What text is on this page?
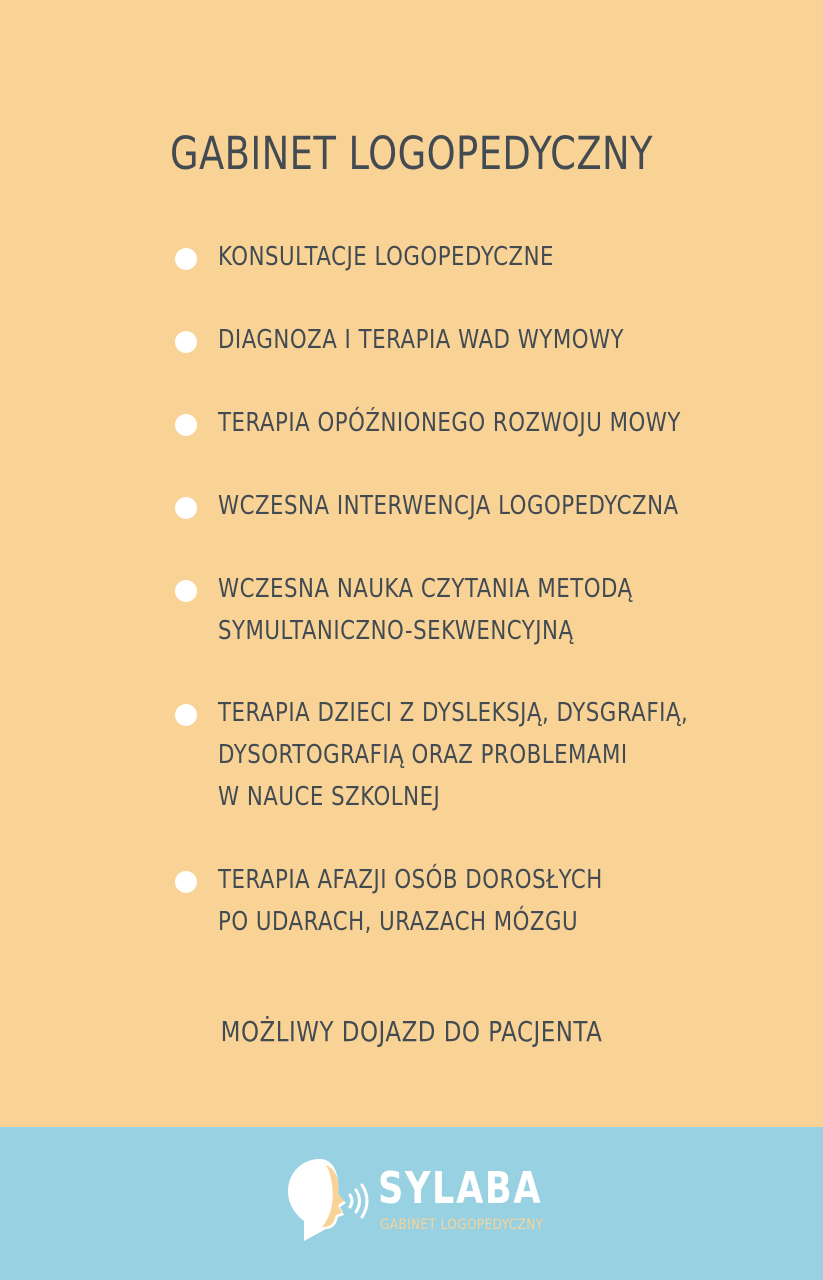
GABINET LOGOPEDYCZNY
KONSULTACJE LOGOPEDYCZNE
DIAGNOZA I TERAPIA WAD WYMOWY
TERAPIA OPÓŹNIONEGO ROZWOJU MOWY
WCZESNA INTERWENCJA LOGOPEDYCZNA
WCZESNA NAUKA CZYTANIA METODĄ
SYMULTANICZNO-SEKWENCYJNĄ
TERAPIA DZIECI Z DYSLEKSJĄ, DYSGRAFIĄ,
DYSORTOGRAFIĄ ORAZ PROBLEMAMI
W NAUCE SZKOLNEJ
TERAPIA AFAZJI OSÓB DOROSŁYCH
PO UDARACH, URAZACH MÓZGU
MOŻLIWY DOJAZD DO PACJENTA
SYLABA
GABINET LOGOPEDYCZNY
